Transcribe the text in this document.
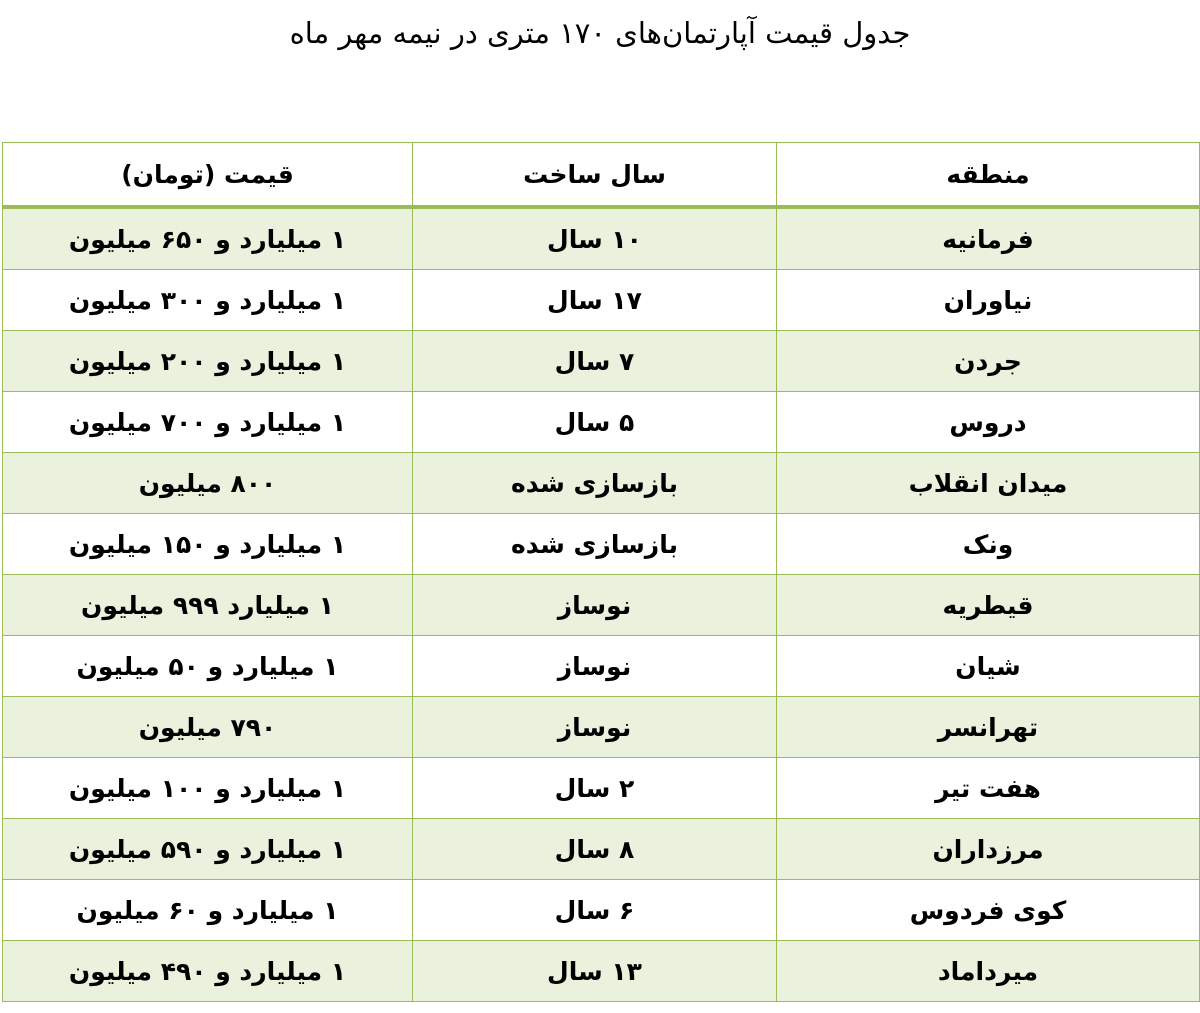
جدول قیمت آپارتمان‌های ۱۷۰ متری در نیمه مهر ماه
منطقه	سال ساخت	قیمت (تومان)
فرمانیه	۱۰ سال	۱ میلیارد و ۶۵۰ میلیون
نیاوران	۱۷ سال	۱ میلیارد و ۳۰۰ میلیون
جردن	۷ سال	۱ میلیارد و ۲۰۰ میلیون
دروس	۵ سال	۱ میلیارد و ۷۰۰ میلیون
میدان انقلاب	بازسازی شده	۸۰۰ میلیون
ونک	بازسازی شده	۱ میلیارد و ۱۵۰ میلیون
قیطریه	نوساز	۱ میلیارد ۹۹۹ میلیون
شیان	نوساز	۱ میلیارد و ۵۰ میلیون
تهرانسر	نوساز	۷۹۰ میلیون
هفت تیر	۲ سال	۱ میلیارد و ۱۰۰ میلیون
مرزداران	۸ سال	۱ میلیارد و ۵۹۰ میلیون
کوی فردوس	۶ سال	۱ میلیارد و ۶۰ میلیون
میرداماد	۱۳ سال	۱ میلیارد و ۴۹۰ میلیون
